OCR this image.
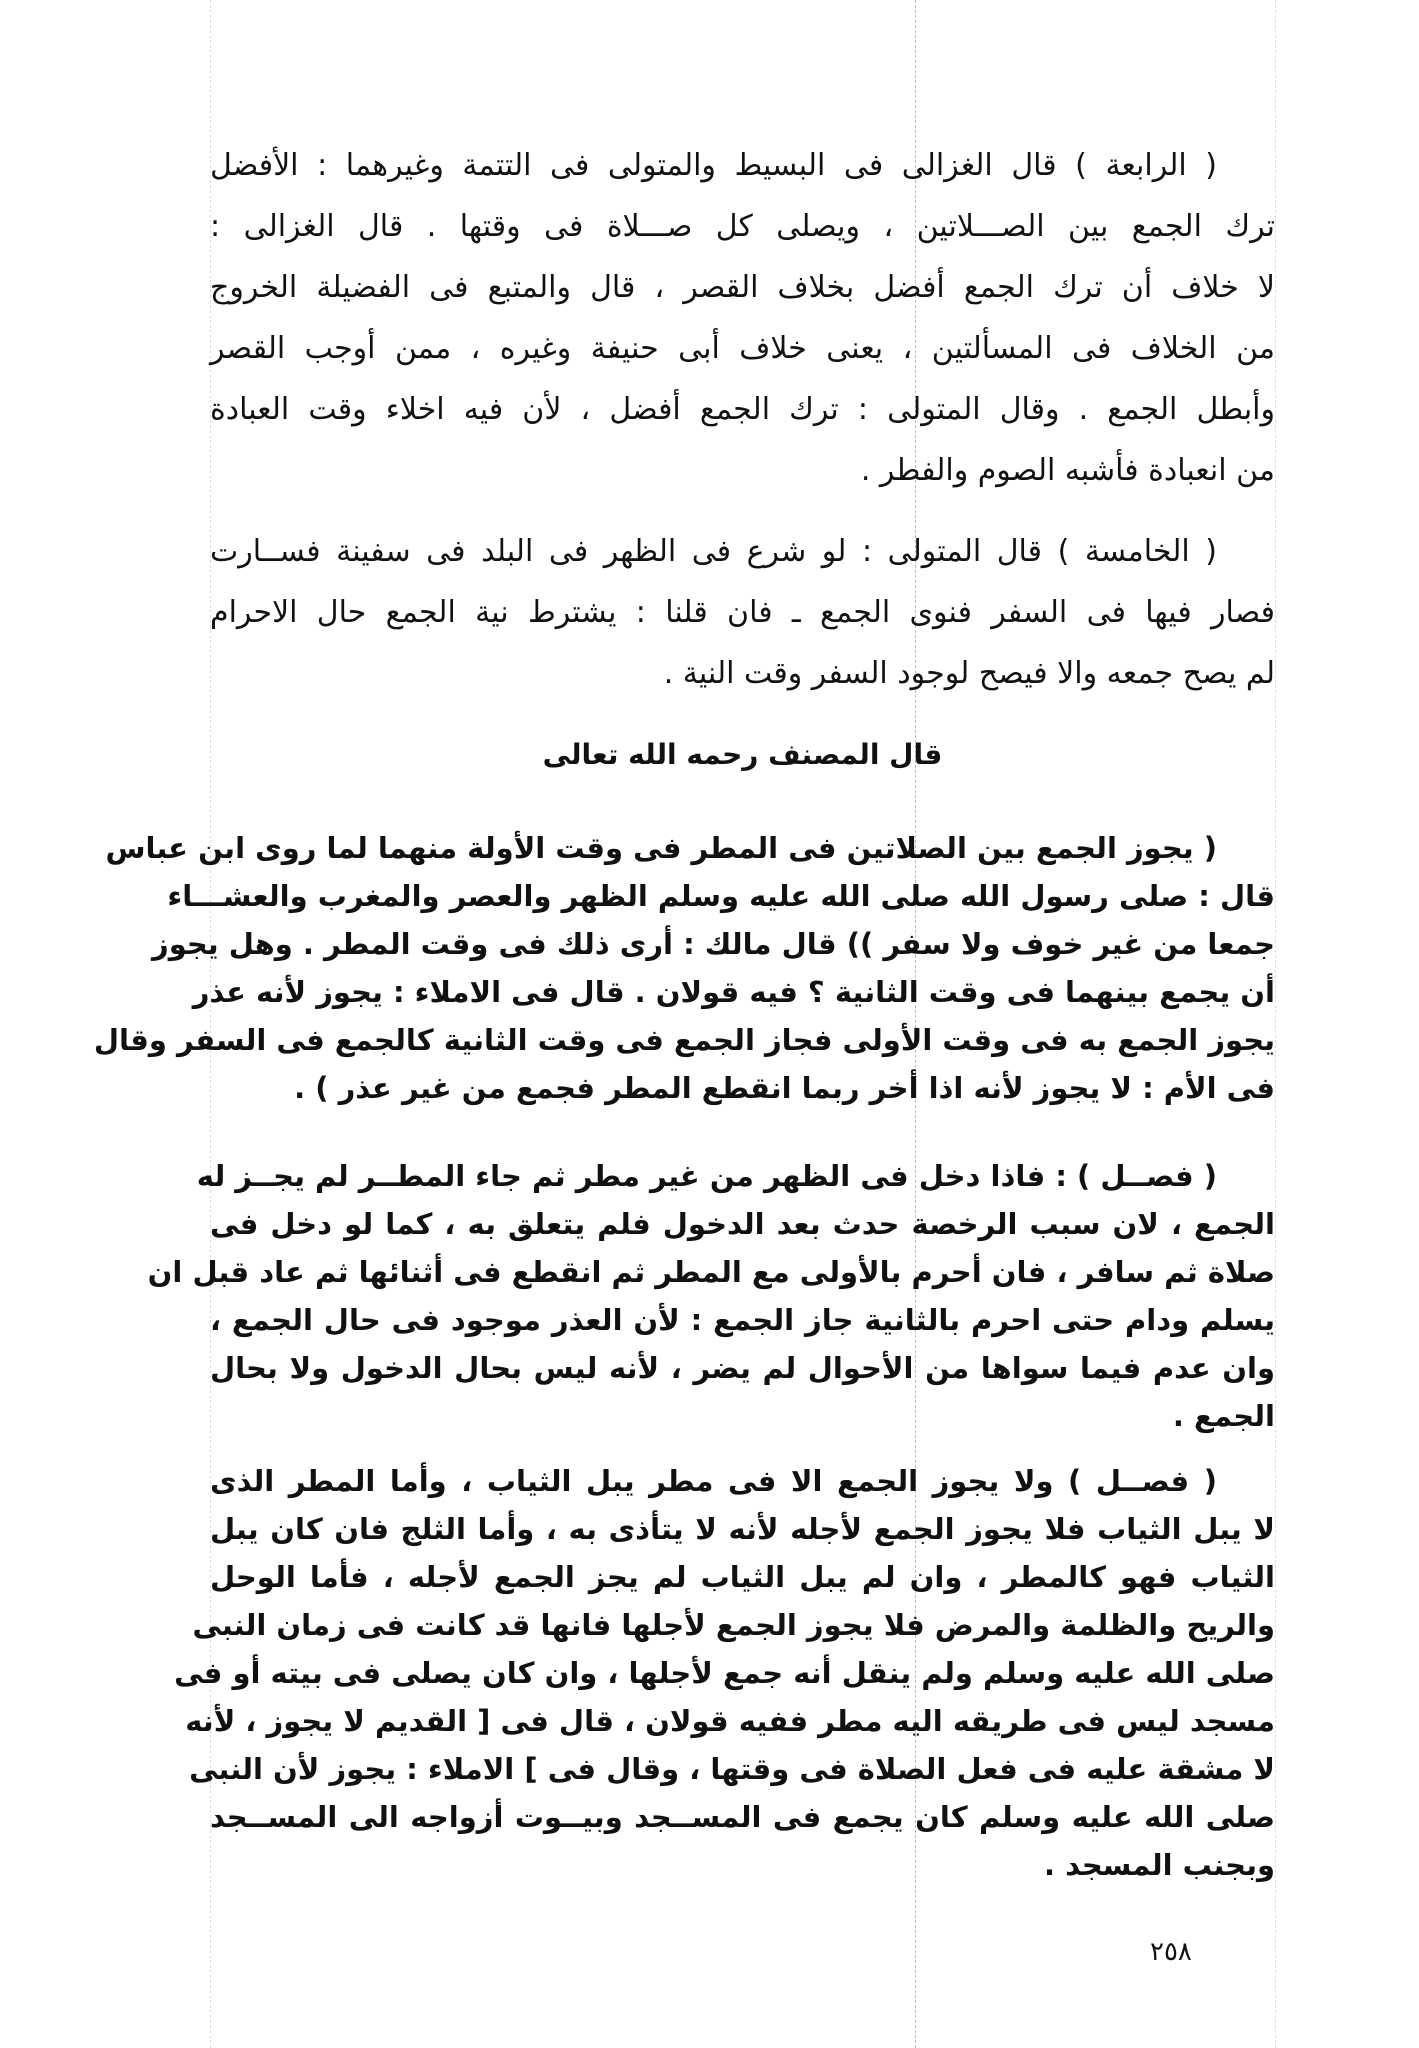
( الرابعة ) قال الغزالى فى البسيط والمتولى فى التتمة وغيرهما : الأفضل
ترك الجمع بين الصـــلاتين ، ويصلى كل صـــلاة فى وقتها . قال الغزالى :
لا خلاف أن ترك الجمع أفضل بخلاف القصر ، قال والمتبع فى الفضيلة الخروج
من الخلاف فى المسألتين ، يعنى خلاف أبى حنيفة وغيره ، ممن أوجب القصر
وأبطل الجمع . وقال المتولى : ترك الجمع أفضل ، لأن فيه اخلاء وقت العبادة
من انعبادة فأشبه الصوم والفطر .
( الخامسة ) قال المتولى : لو شرع فى الظهر فى البلد فى سفينة فســارت
فصار فيها فى السفر فنوى الجمع ـ فان قلنا : يشترط نية الجمع حال الاحرام
لم يصح جمعه والا فيصح لوجود السفر وقت النية .
قال المصنف رحمه الله تعالى
( يجوز الجمع بين الصلاتين فى المطر فى وقت الأولة منهما لما روى ابن عباس
قال : صلى رسول الله صلى الله عليه وسلم الظهر والعصر والمغرب والعشـــاء
جمعا من غير خوف ولا سفر )) قال مالك : أرى ذلك فى وقت المطر . وهل يجوز
أن يجمع بينهما فى وقت الثانية ؟ فيه قولان . قال فى الاملاء : يجوز لأنه عذر
يجوز الجمع به فى وقت الأولى فجاز الجمع فى وقت الثانية كالجمع فى السفر وقال
فى الأم : لا يجوز لأنه اذا أخر ربما انقطع المطر فجمع من غير عذر ) .
( فصــل ) : فاذا دخل فى الظهر من غير مطر ثم جاء المطــر لم يجــز له
الجمع ، لان سبب الرخصة حدث بعد الدخول فلم يتعلق به ، كما لو دخل فى
صلاة ثم سافر ، فان أحرم بالأولى مع المطر ثم انقطع فى أثنائها ثم عاد قبل ان
يسلم ودام حتى احرم بالثانية جاز الجمع : لأن العذر موجود فى حال الجمع ،
وان عدم فيما سواها من الأحوال لم يضر ، لأنه ليس بحال الدخول ولا بحال
الجمع .
( فصــل ) ولا يجوز الجمع الا فى مطر يبل الثياب ، وأما المطر الذى
لا يبل الثياب فلا يجوز الجمع لأجله لأنه لا يتأذى به ، وأما الثلج فان كان يبل
الثياب فهو كالمطر ، وان لم يبل الثياب لم يجز الجمع لأجله ، فأما الوحل
والريح والظلمة والمرض فلا يجوز الجمع لأجلها فانها قد كانت فى زمان النبى
صلى الله عليه وسلم ولم ينقل أنه جمع لأجلها ، وان كان يصلى فى بيته أو فى
مسجد ليس فى طريقه اليه مطر ففيه قولان ، قال فى [ القديم لا يجوز ، لأنه
لا مشقة عليه فى فعل الصلاة فى وقتها ، وقال فى ] الاملاء : يجوز لأن النبى
صلى الله عليه وسلم كان يجمع فى المســجد وبيــوت أزواجه الى المســجد
وبجنب المسجد .
٢٥٨
